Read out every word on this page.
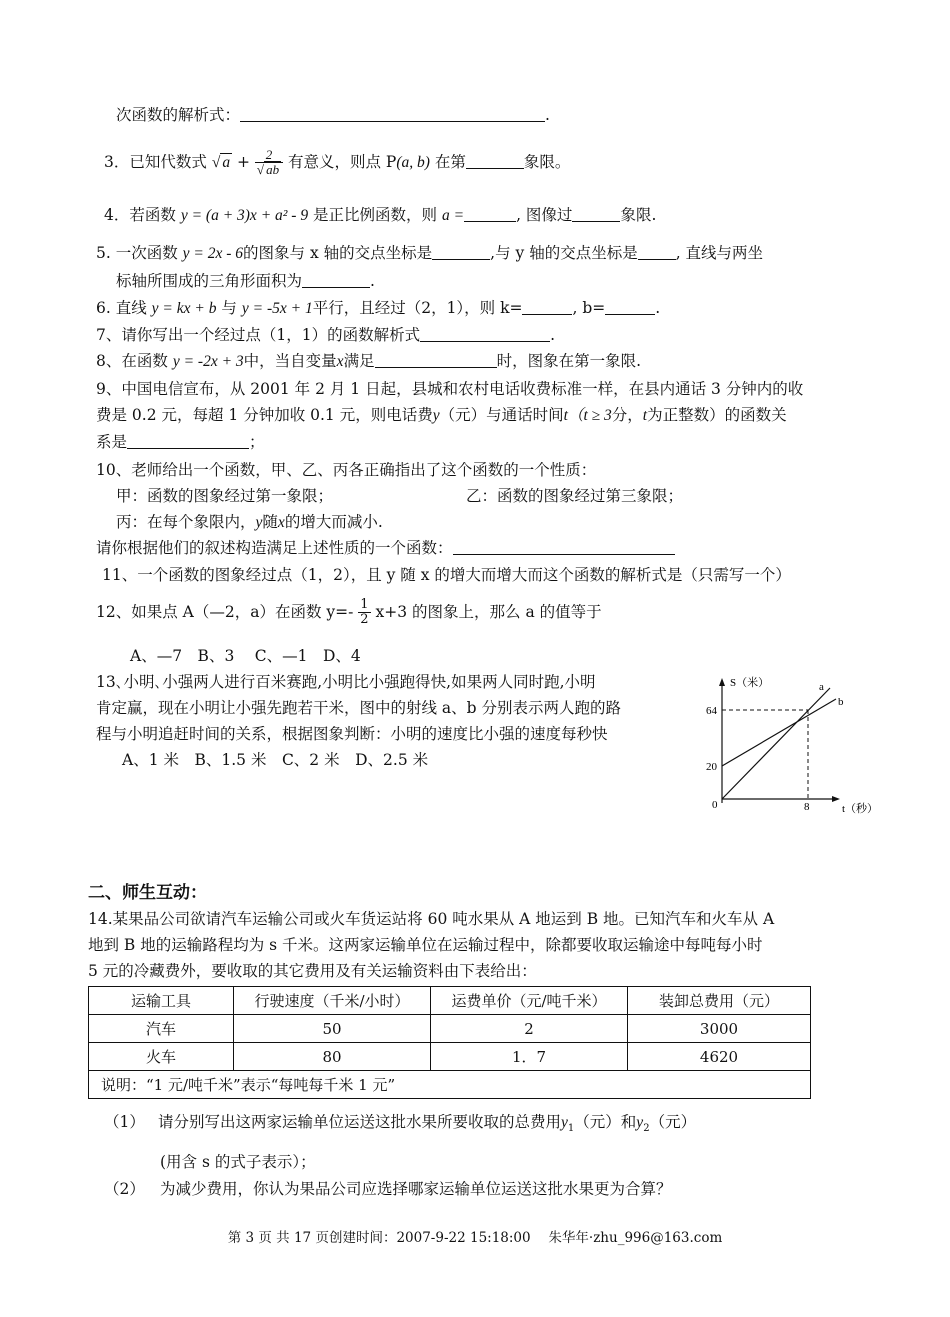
次函数的解析式：	.
3．已知代数式 √ $a + \frac{2}{√ ab}$ 有意义，则点 P(a, b) 在第	象限。
4．若函数 y = (a + 3)x + a² - 9 是正比例函数，则 a =	, 图像过	象限.
5. 一次函数 y = 2x - 6的图象与 x 轴的交点坐标是	,与 y 轴的交点坐标是 , 直线与两坐
标轴所围成的三角形面积为	.
6. 直线 y = kx + b 与 y = -5x + 1平行，且经过（2，1），则 k=	, b=	.
7、请你写出一个经过点（1，1）的函数解析式	.
8、在函数 y = -2x + 3中，当自变量x满足	时，图象在第一象限.
9、中国电信宣布，从 2001 年 2 月 1 日起，县城和农村电话收费标准一样，在县内通话 3 分钟内的收
费是 0.2 元，每超 1 分钟加收 0.1 元，则电话费y（元）与通话时间t（t ≥ 3分，t为正整数）的函数关
系是	；
10、老师给出一个函数，甲、乙、丙各正确指出了这个函数的一个性质：
甲：函数的图象经过第一象限；	乙：函数的图象经过第三象限；
丙：在每个象限内，y随x的增大而减小.
请你根据他们的叙述构造满足上述性质的一个函数：
11、一个函数的图象经过点（1，2），且 y 随 x 的增大而增大而这个函数的解析式是（只需写一个）
12、如果点 A（—2，a）在函数 $y=- \frac{1}{2} x+3$ 的图象上，那么 a 的值等于
A、—7　B、3　 C、—1　D、4
13､小明､小强两人进行百米赛跑,小明比小强跑得快,如果两人同时跑,小明
肯定赢，现在小明让小强先跑若干米，图中的射线 a、b 分别表示两人跑的路
程与小明追赶时间的关系，根据图象判断：小明的速度比小强的速度每秒快
A、1 米　B、1.5 米　C、2 米　D、2.5 米
S（米）
t（秒）
0
64
20
8
a
b
二、师生互动：
14.某果品公司欲请汽车运输公司或火车货运站将 60 吨水果从 A 地运到 B 地。已知汽车和火车从 A
地到 B 地的运输路程均为 s 千米。这两家运输单位在运输过程中，除都要收取运输途中每吨每小时
5 元的冷藏费外，要收取的其它费用及有关运输资料由下表给出：
运输工具	行驶速度（千米/小时）	运费单价（元/吨千米）	装卸总费用（元）
汽车	50	2	3000
火车	80	1．7	4620
说明：“1 元/吨千米”表示“每吨每千米 1 元”			
（1） 请分别写出这两家运输单位运送这批水果所要收取的总费用$y_1$（元）和$y_2$（元）
(用含 s 的式子表示）；
（2） 为减少费用，你认为果品公司应选择哪家运输单位运送这批水果更为合算？
第 3 页 共 17 页创建时间：2007-9-22 15:18:00　 朱华年·zhu_996@163.com
